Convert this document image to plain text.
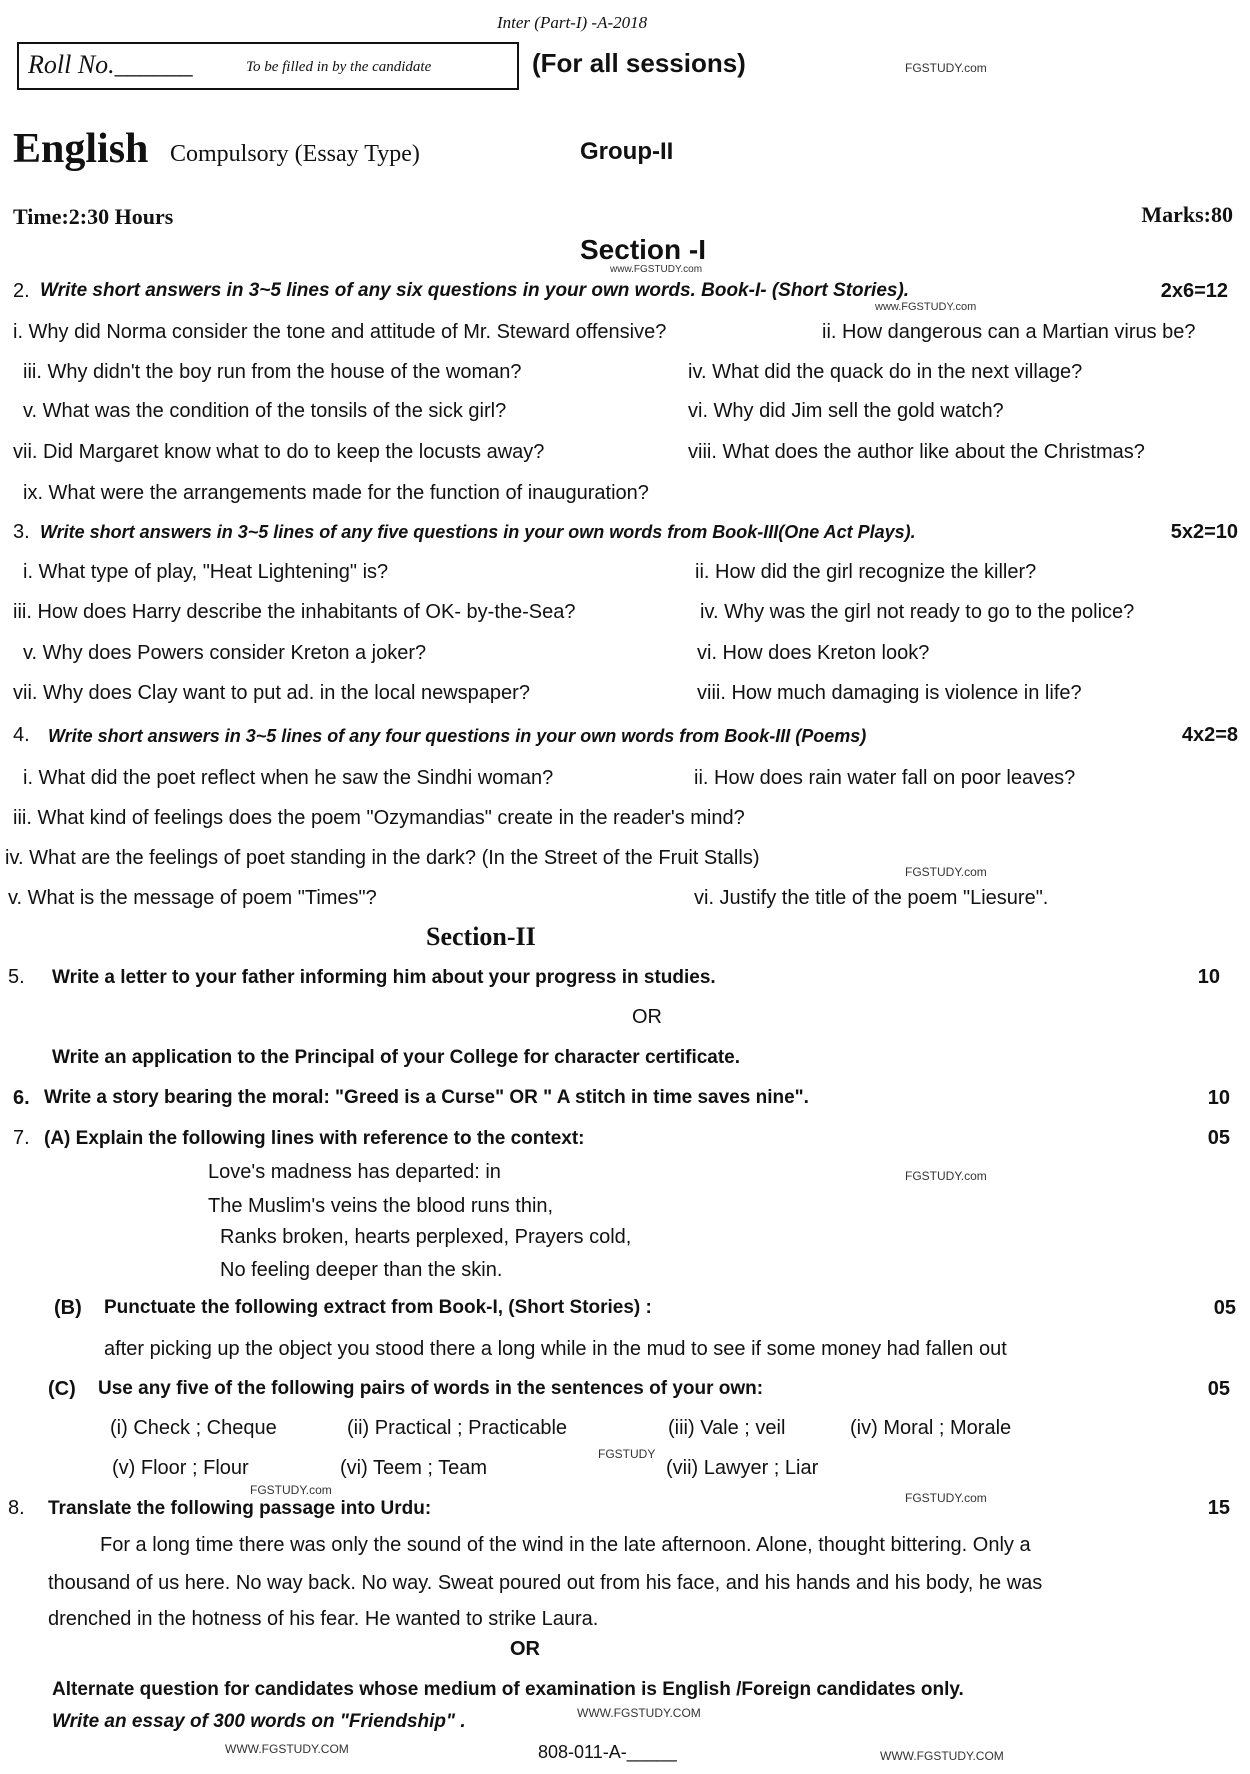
Inter (Part-I) -A-2018
Roll No.______	To be filled in by the candidate	(For all sessions)	FGSTUDY.com
English Compulsory (Essay Type)	Group-II
Time:2:30 Hours	Marks:80
Section -I
www.FGSTUDY.com
2. Write short answers in 3~5 lines of any six questions in your own words. Book-I- (Short Stories).	2x6=12
www.FGSTUDY.com
i. Why did Norma consider the tone and attitude of Mr. Steward offensive?	ii. How dangerous can a Martian virus be?
iii. Why didn't the boy run from the house of the woman?	iv. What did the quack do in the next village?
v. What was the condition of the tonsils of the sick girl?	vi. Why did Jim sell the gold watch?
vii. Did Margaret know what to do to keep the locusts away?	viii. What does the author like about the Christmas?
ix. What were the arrangements made for the function of inauguration?
3. Write short answers in 3~5 lines of any five questions in your own words from Book-III(One Act Plays).	5x2=10
i. What type of play, "Heat Lightening" is?	ii. How did the girl recognize the killer?
iii. How does Harry describe the inhabitants of OK- by-the-Sea?	iv. Why was the girl not ready to go to the police?
v. Why does Powers consider Kreton a joker?	vi. How does Kreton look?
vii. Why does Clay want to put ad. in the local newspaper?	viii. How much damaging is violence in life?
4. Write short answers in 3~5 lines of any four questions in your own words from Book-III (Poems)	4x2=8
i. What did the poet reflect when he saw the Sindhi woman?	ii. How does rain water fall on poor leaves?
iii. What kind of feelings does the poem "Ozymandias" create in the reader's mind?
iv. What are the feelings of poet standing in the dark? (In the Street of the Fruit Stalls)
FGSTUDY.com
v. What is the message of poem "Times"?	vi. Justify the title of the poem "Liesure".
Section-II
5. Write a letter to your father informing him about your progress in studies.	10
OR
Write an application to the Principal of your College for character certificate.
6. Write a story bearing the moral: "Greed is a Curse" OR " A stitch in time saves nine".	10
7. (A) Explain the following lines with reference to the context:	05
Love's madness has departed: in	FGSTUDY.com
The Muslim's veins the blood runs thin,
Ranks broken, hearts perplexed, Prayers cold,
No feeling deeper than the skin.
(B) Punctuate the following extract from Book-I, (Short Stories) :	05
after picking up the object you stood there a long while in the mud to see if some money had fallen out
(C) Use any five of the following pairs of words in the sentences of your own:	05
(i) Check ; Cheque	(ii) Practical ; Practicable	(iii) Vale ; veil	(iv) Moral ; Morale
(v) Floor ; Flour	(vi) Teem ; Team
FGSTUDY
(vii) Lawyer ; Liar
FGSTUDY.com
8. Translate the following passage into Urdu:	FGSTUDY.com	15
For a long time there was only the sound of the wind in the late afternoon. Alone, thought bittering. Only a
thousand of us here. No way back. No way. Sweat poured out from his face, and his hands and his body, he was
drenched in the hotness of his fear. He wanted to strike Laura.
OR
Alternate question for candidates whose medium of examination is English /Foreign candidates only.
Write an essay of 300 words on "Friendship" .	WWW.FGSTUDY.COM
WWW.FGSTUDY.COM	808-011-A-_____	WWW.FGSTUDY.COM
